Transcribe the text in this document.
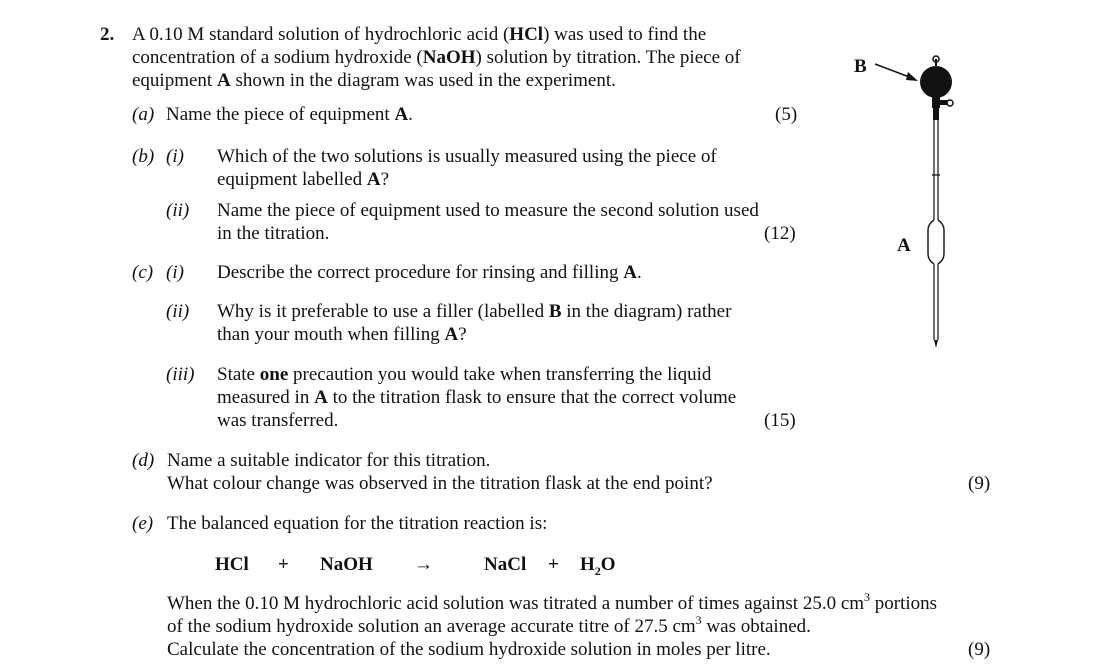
2. A 0.10 M standard solution of hydrochloric acid (HCl) was used to find the
concentration of a sodium hydroxide (NaOH) solution by titration. The piece of
equipment A shown in the diagram was used in the experiment.
(a) Name the piece of equipment A.	(5)
(b) (i) Which of the two solutions is usually measured using the piece of
equipment labelled A?
(ii) Name the piece of equipment used to measure the second solution used
in the titration.	(12)
(c) (i) Describe the correct procedure for rinsing and filling A.
(ii) Why is it preferable to use a filler (labelled B in the diagram) rather
than your mouth when filling A?
(iii) State one precaution you would take when transferring the liquid
measured in A to the titration flask to ensure that the correct volume
was transferred.	(15)
(d) Name a suitable indicator for this titration.
What colour change was observed in the titration flask at the end point?	(9)
(e) The balanced equation for the titration reaction is:
HCl + NaOH →	NaCl + $H_2O$
When the 0.10 M hydrochloric acid solution was titrated a number of times against 25.0 $cm^3$ portions
of the sodium hydroxide solution an average accurate titre of 27.5 $cm^3$ was obtained.
Calculate the concentration of the sodium hydroxide solution in moles per litre.	(9)
B
A
